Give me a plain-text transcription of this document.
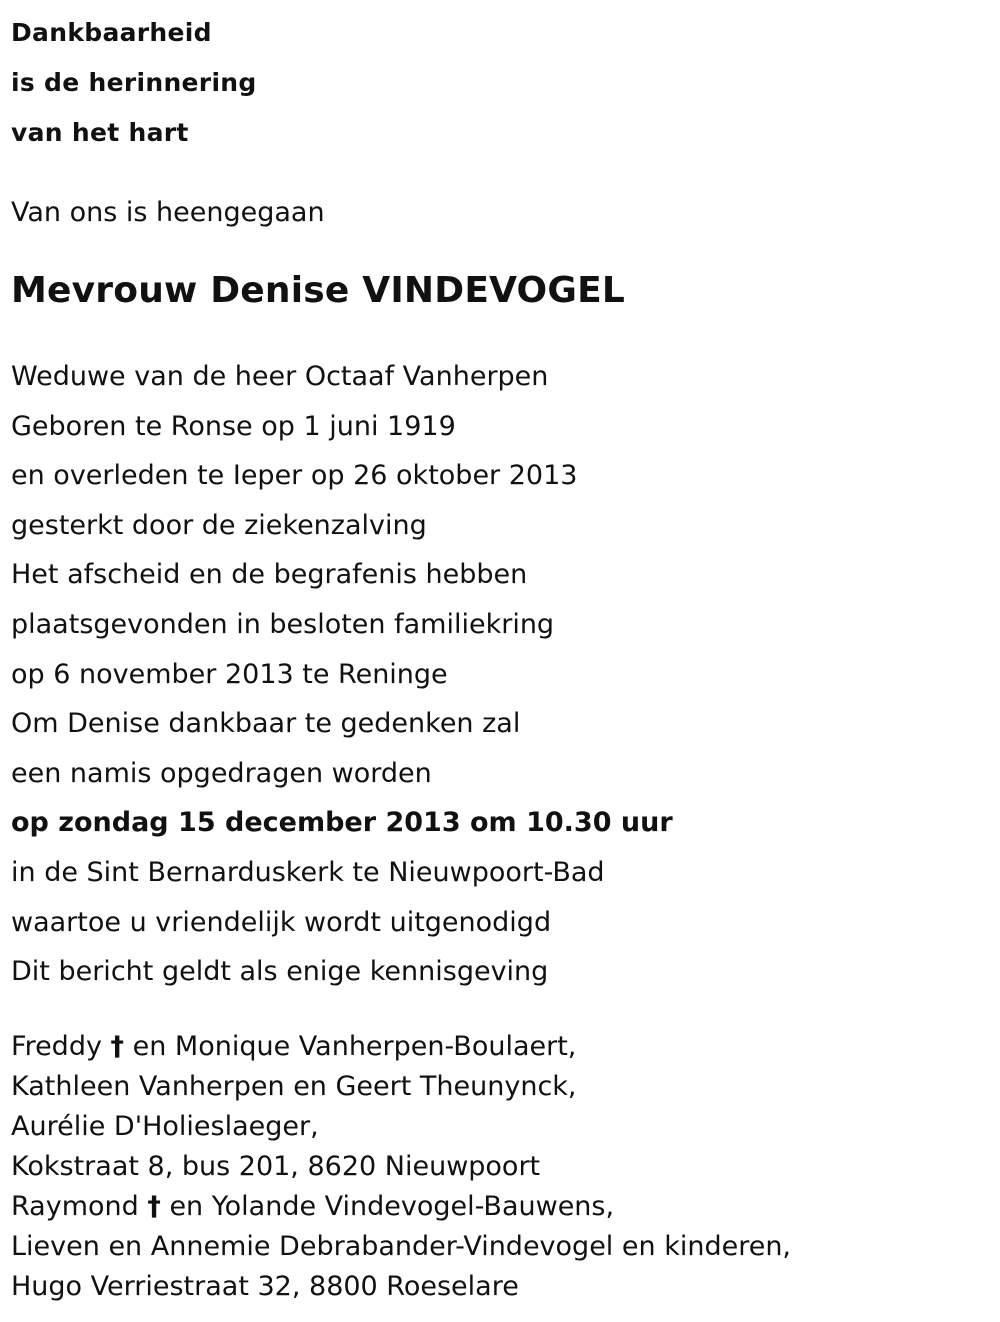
Dankbaarheid
is de herinnering
van het hart
Van ons is heengegaan
Mevrouw Denise VINDEVOGEL
Weduwe van de heer Octaaf Vanherpen
Geboren te Ronse op 1 juni 1919
en overleden te Ieper op 26 oktober 2013
gesterkt door de ziekenzalving
Het afscheid en de begrafenis hebben
plaatsgevonden in besloten familiekring
op 6 november 2013 te Reninge
Om Denise dankbaar te gedenken zal
een namis opgedragen worden
op zondag 15 december 2013 om 10.30 uur
in de Sint Bernarduskerk te Nieuwpoort-Bad
waartoe u vriendelijk wordt uitgenodigd
Dit bericht geldt als enige kennisgeving
Freddy † en Monique Vanherpen-Boulaert,
Kathleen Vanherpen en Geert Theunynck,
Aurélie D'Holieslaeger,
Kokstraat 8, bus 201, 8620 Nieuwpoort
Raymond † en Yolande Vindevogel-Bauwens,
Lieven en Annemie Debrabander-Vindevogel en kinderen,
Hugo Verriestraat 32, 8800 Roeselare
